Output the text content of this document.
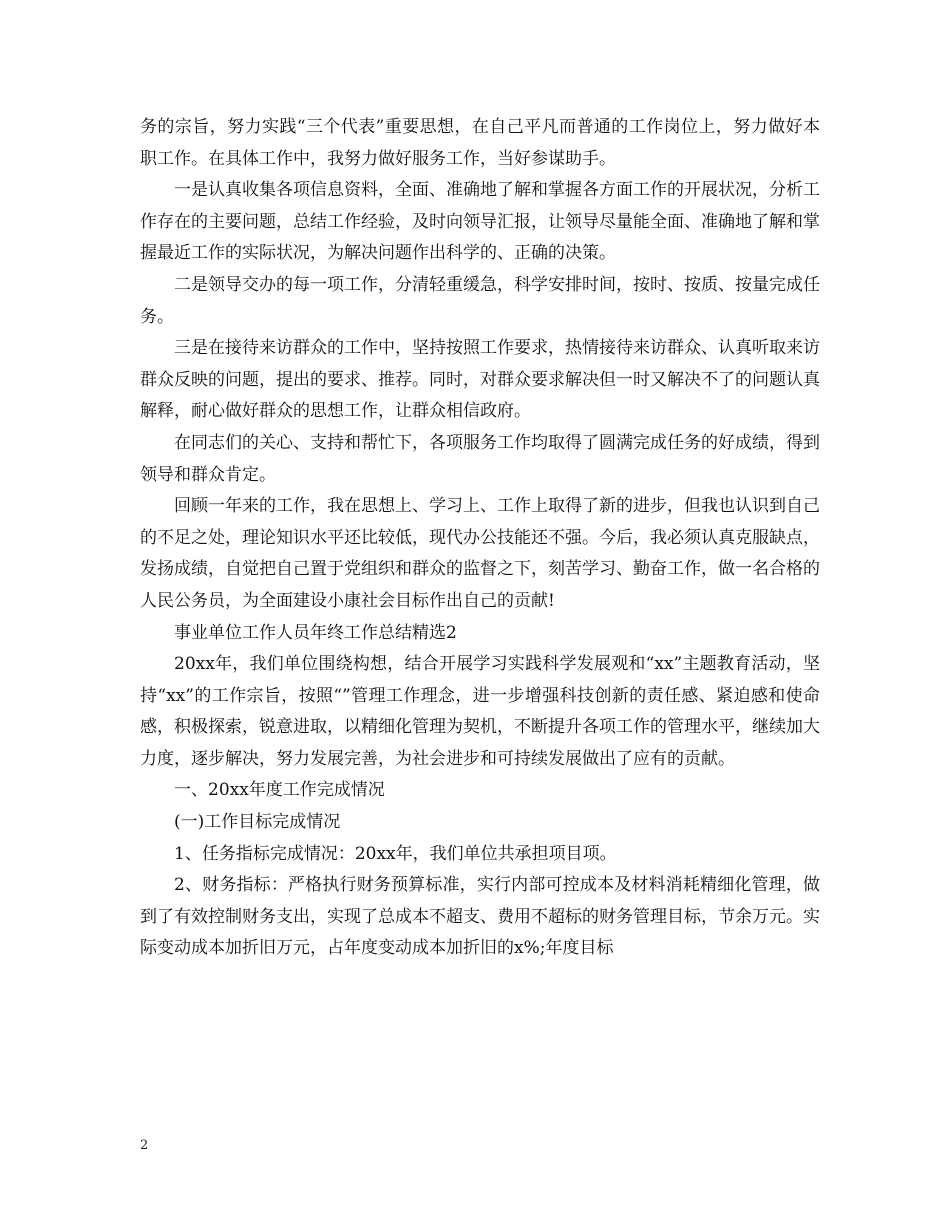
务的宗旨，努力实践“三个代表”重要思想，在自己平凡而普通的工作岗位上，努力做好本职工作。在具体工作中，我努力做好服务工作，当好参谋助手。

一是认真收集各项信息资料，全面、准确地了解和掌握各方面工作的开展状况，分析工作存在的主要问题，总结工作经验，及时向领导汇报，让领导尽量能全面、准确地了解和掌握最近工作的实际状况，为解决问题作出科学的、正确的决策。

二是领导交办的每一项工作，分清轻重缓急，科学安排时间，按时、按质、按量完成任务。

三是在接待来访群众的工作中，坚持按照工作要求，热情接待来访群众、认真听取来访群众反映的问题，提出的要求、推荐。同时，对群众要求解决但一时又解决不了的问题认真解释，耐心做好群众的思想工作，让群众相信政府。

在同志们的关心、支持和帮忙下，各项服务工作均取得了圆满完成任务的好成绩，得到领导和群众肯定。

回顾一年来的工作，我在思想上、学习上、工作上取得了新的进步，但我也认识到自己的不足之处，理论知识水平还比较低，现代办公技能还不强。今后，我必须认真克服缺点，发扬成绩，自觉把自己置于党组织和群众的监督之下，刻苦学习、勤奋工作，做一名合格的人民公务员，为全面建设小康社会目标作出自己的贡献!

事业单位工作人员年终工作总结精选2

20xx年，我们单位围绕构想，结合开展学习实践科学发展观和“xx”主题教育活动，坚持“xx”的工作宗旨，按照“”管理工作理念，进一步增强科技创新的责任感、紧迫感和使命感，积极探索，锐意进取，以精细化管理为契机，不断提升各项工作的管理水平，继续加大力度，逐步解决，努力发展完善，为社会进步和可持续发展做出了应有的贡献。

一、20xx年度工作完成情况

(一)工作目标完成情况

1、任务指标完成情况：20xx年，我们单位共承担项目项。

2、财务指标：严格执行财务预算标准，实行内部可控成本及材料消耗精细化管理，做到了有效控制财务支出，实现了总成本不超支、费用不超标的财务管理目标，节余万元。实际变动成本加折旧万元，占年度变动成本加折旧的x%;年度目标

2
